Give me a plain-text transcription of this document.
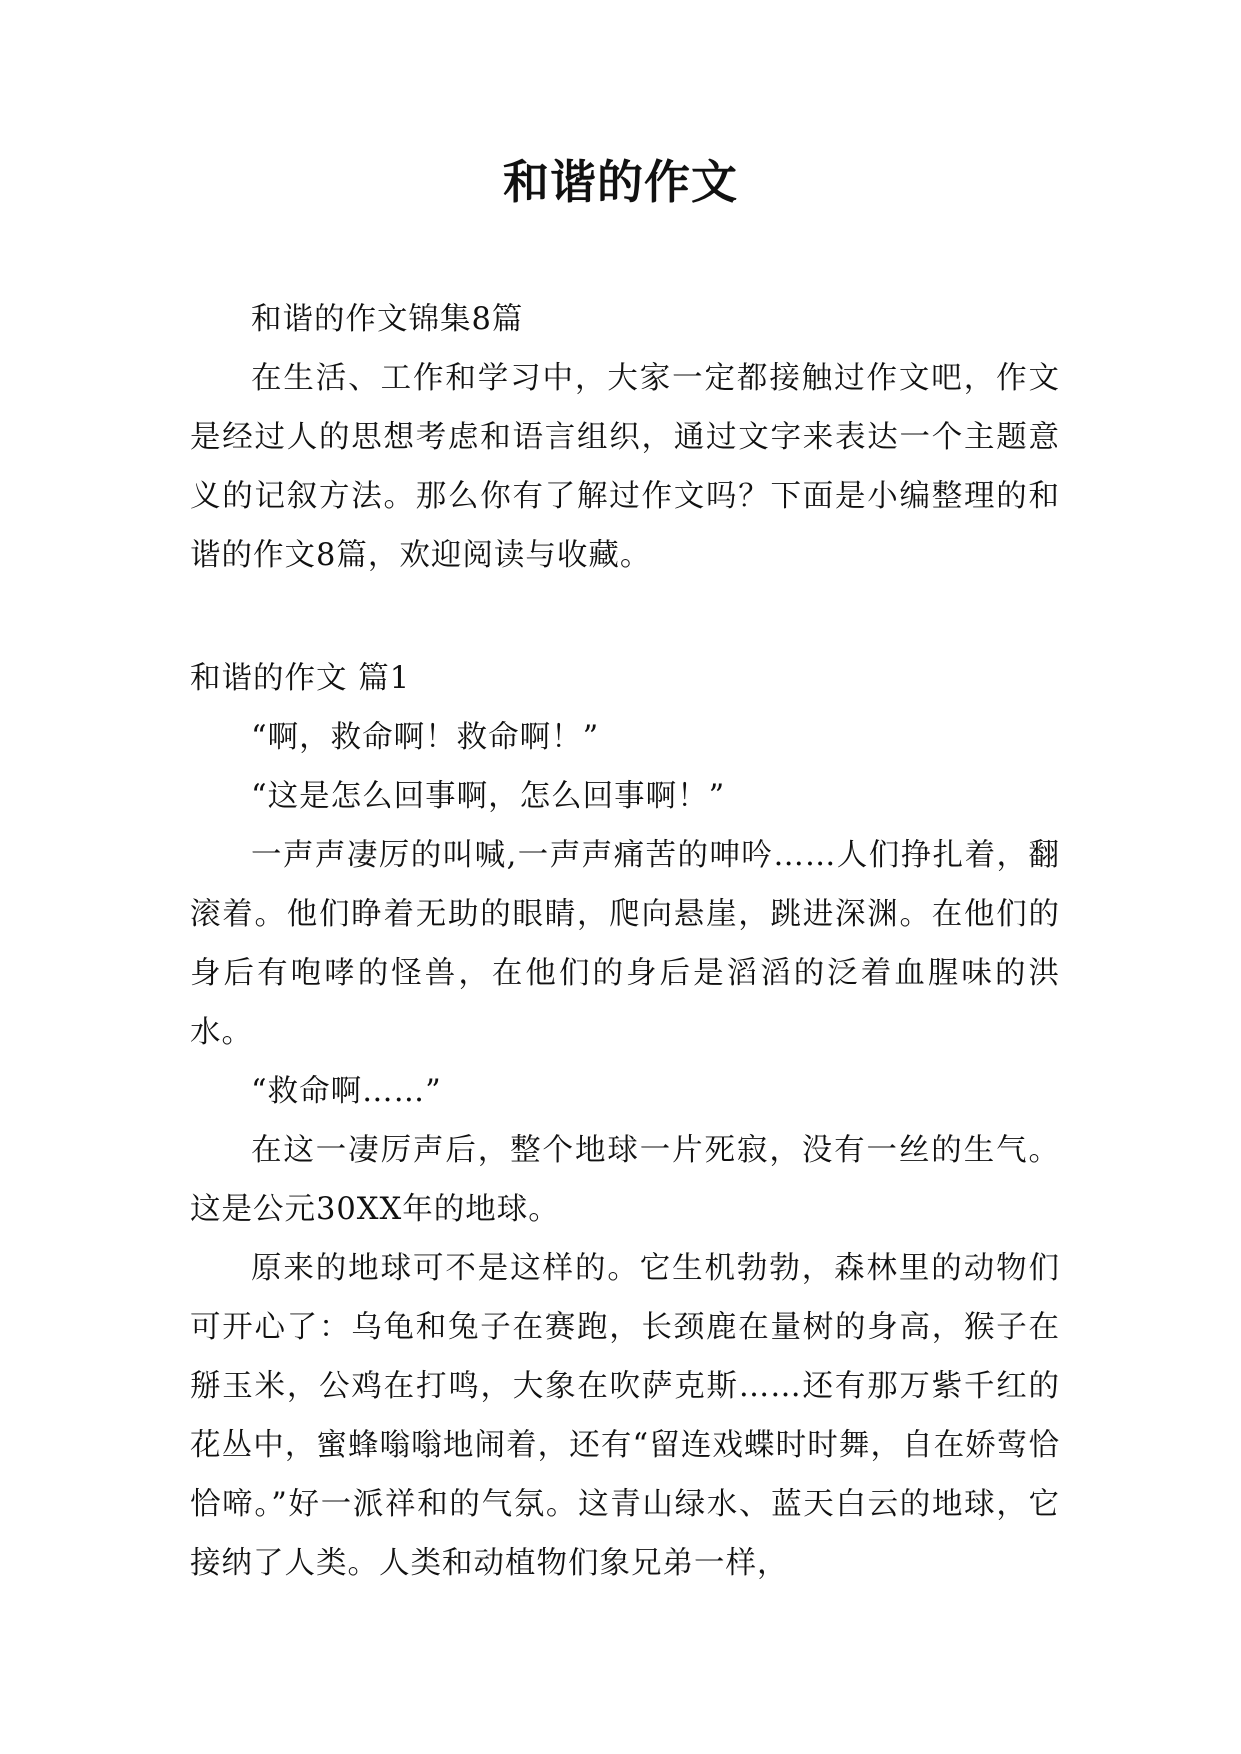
和谐的作文

和谐的作文锦集8篇

在生活、工作和学习中，大家一定都接触过作文吧，作文是经过人的思想考虑和语言组织，通过文字来表达一个主题意义的记叙方法。那么你有了解过作文吗？下面是小编整理的和谐的作文8篇，欢迎阅读与收藏。

和谐的作文 篇1

“啊，救命啊！救命啊！”

“这是怎么回事啊，怎么回事啊！”

一声声凄厉的叫喊,一声声痛苦的呻吟……人们挣扎着，翻滚着。他们睁着无助的眼睛，爬向悬崖，跳进深渊。在他们的身后有咆哮的怪兽，在他们的身后是滔滔的泛着血腥味的洪水。

“救命啊……”

在这一凄厉声后，整个地球一片死寂，没有一丝的生气。这是公元30XX年的地球。

原来的地球可不是这样的。它生机勃勃，森林里的动物们可开心了：乌龟和兔子在赛跑，长颈鹿在量树的身高，猴子在掰玉米，公鸡在打鸣，大象在吹萨克斯……还有那万紫千红的花丛中，蜜蜂嗡嗡地闹着，还有“留连戏蝶时时舞，自在娇莺恰恰啼。”好一派祥和的气氛。这青山绿水、蓝天白云的地球，它接纳了人类。人类和动植物们象兄弟一样，
